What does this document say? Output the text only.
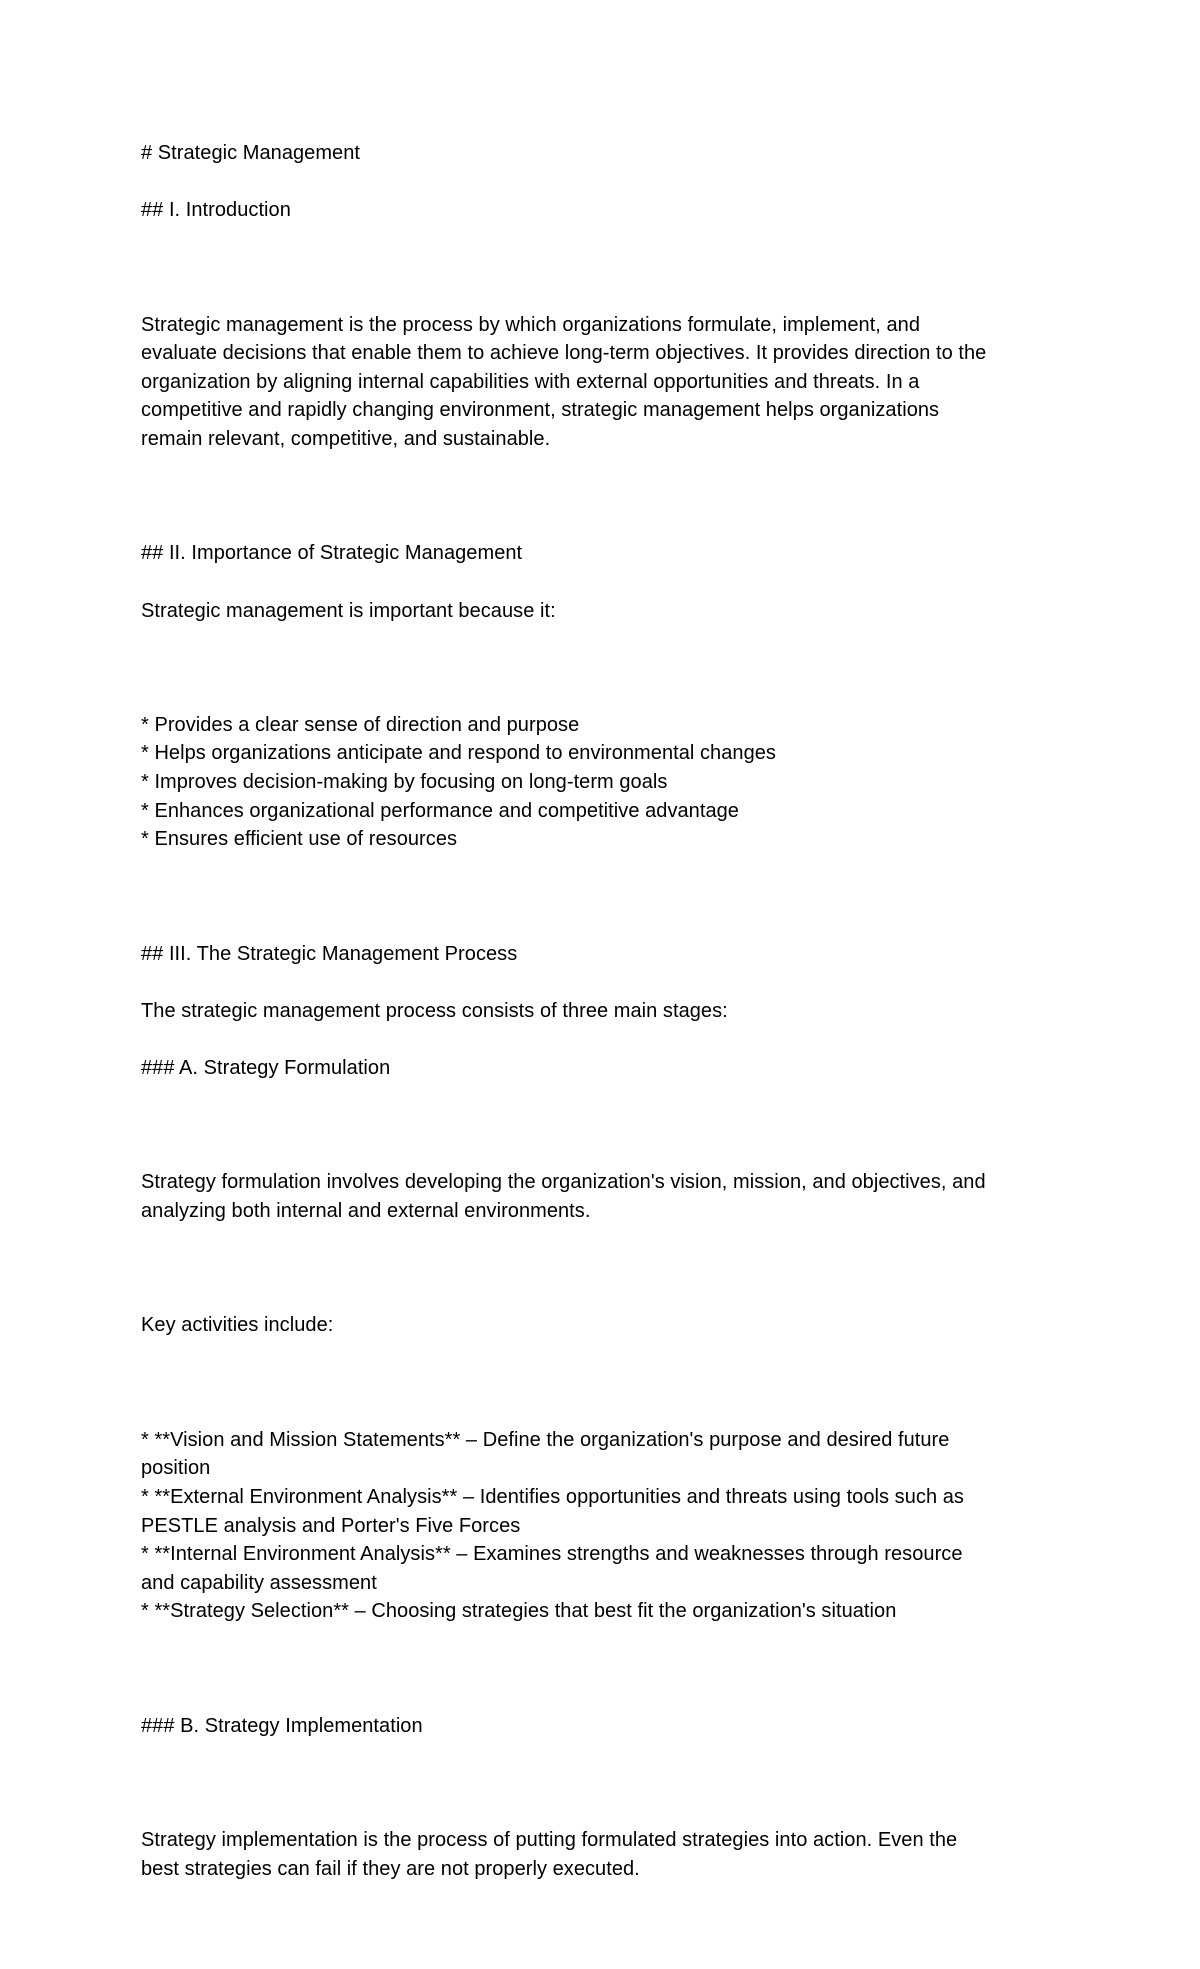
# Strategic Management

## I. Introduction

Strategic management is the process by which organizations formulate, implement, and
evaluate decisions that enable them to achieve long-term objectives. It provides direction to the
organization by aligning internal capabilities with external opportunities and threats. In a
competitive and rapidly changing environment, strategic management helps organizations
remain relevant, competitive, and sustainable.

## II. Importance of Strategic Management

Strategic management is important because it:

* Provides a clear sense of direction and purpose
* Helps organizations anticipate and respond to environmental changes
* Improves decision-making by focusing on long-term goals
* Enhances organizational performance and competitive advantage
* Ensures efficient use of resources

## III. The Strategic Management Process

The strategic management process consists of three main stages:

### A. Strategy Formulation

Strategy formulation involves developing the organization's vision, mission, and objectives, and
analyzing both internal and external environments.

Key activities include:

* **Vision and Mission Statements** – Define the organization's purpose and desired future
position
* **External Environment Analysis** – Identifies opportunities and threats using tools such as
PESTLE analysis and Porter's Five Forces
* **Internal Environment Analysis** – Examines strengths and weaknesses through resource
and capability assessment
* **Strategy Selection** – Choosing strategies that best fit the organization's situation

### B. Strategy Implementation

Strategy implementation is the process of putting formulated strategies into action. Even the
best strategies can fail if they are not properly executed.
